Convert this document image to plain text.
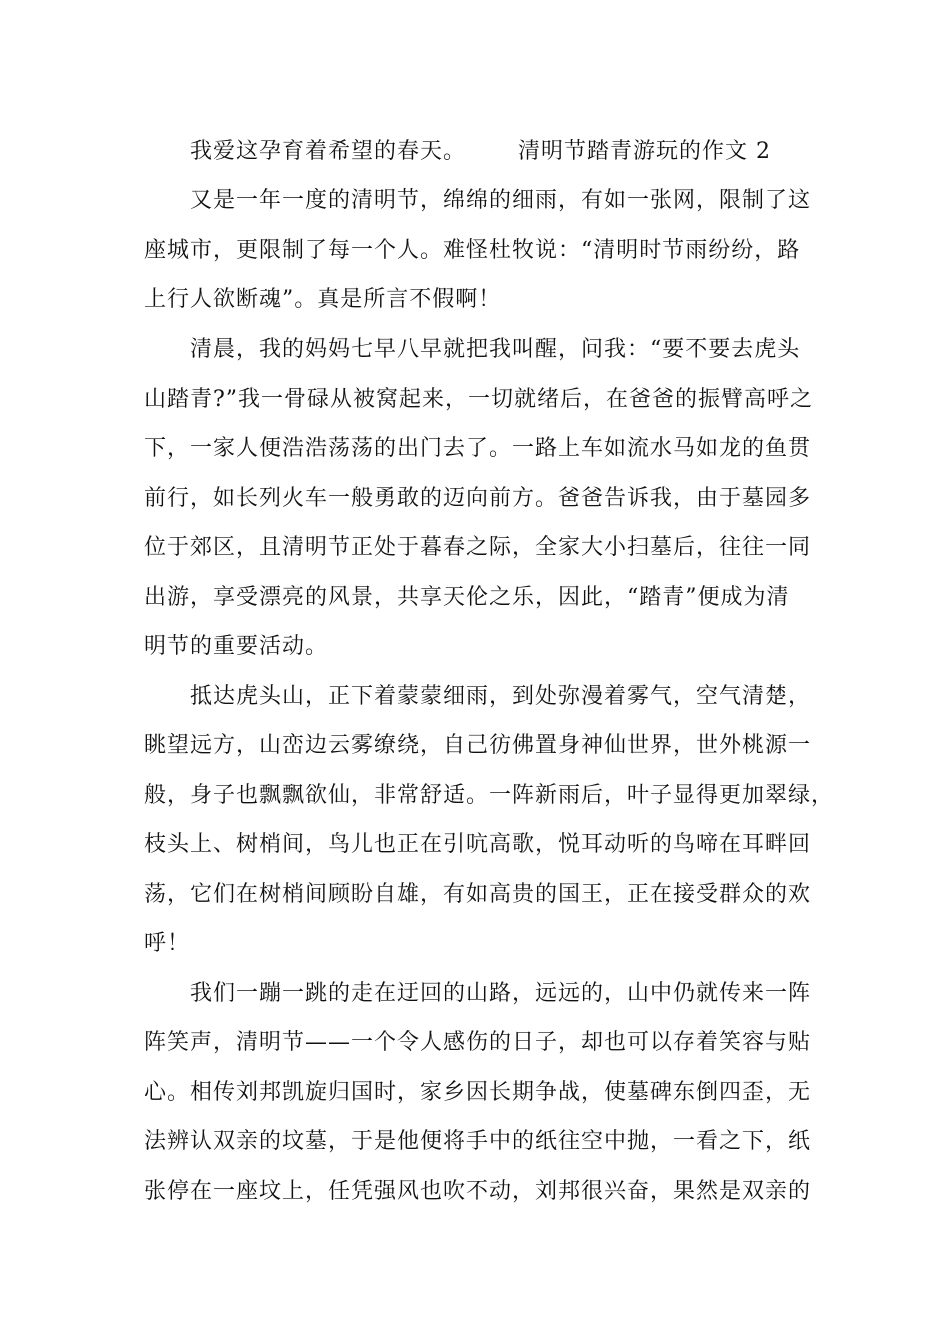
我爱这孕育着希望的春天。 清明节踏青游玩的作文 2
又是一年一度的清明节，绵绵的细雨，有如一张网，限制了这
座城市，更限制了每一个人。难怪杜牧说：“清明时节雨纷纷，路
上行人欲断魂”。真是所言不假啊！
清晨，我的妈妈七早八早就把我叫醒，问我：“要不要去虎头
山踏青?”我一骨碌从被窝起来，一切就绪后，在爸爸的振臂高呼之
下，一家人便浩浩荡荡的出门去了。一路上车如流水马如龙的鱼贯
前行，如长列火车一般勇敢的迈向前方。爸爸告诉我，由于墓园多
位于郊区，且清明节正处于暮春之际，全家大小扫墓后，往往一同
出游，享受漂亮的风景，共享天伦之乐，因此，“踏青”便成为清
明节的重要活动。
抵达虎头山，正下着蒙蒙细雨，到处弥漫着雾气，空气清楚，
眺望远方，山峦边云雾缭绕，自己彷佛置身神仙世界，世外桃源一
般，身子也飘飘欲仙，非常舒适。一阵新雨后，叶子显得更加翠绿，
枝头上、树梢间，鸟儿也正在引吭高歌，悦耳动听的鸟啼在耳畔回
荡，它们在树梢间顾盼自雄，有如高贵的国王，正在接受群众的欢
呼！
我们一蹦一跳的走在迂回的山路，远远的，山中仍就传来一阵
阵笑声，清明节——一个令人感伤的日子，却也可以存着笑容与贴
心。相传刘邦凯旋归国时，家乡因长期争战，使墓碑东倒四歪，无
法辨认双亲的坟墓，于是他便将手中的纸往空中抛，一看之下，纸
张停在一座坟上，任凭强风也吹不动，刘邦很兴奋，果然是双亲的
